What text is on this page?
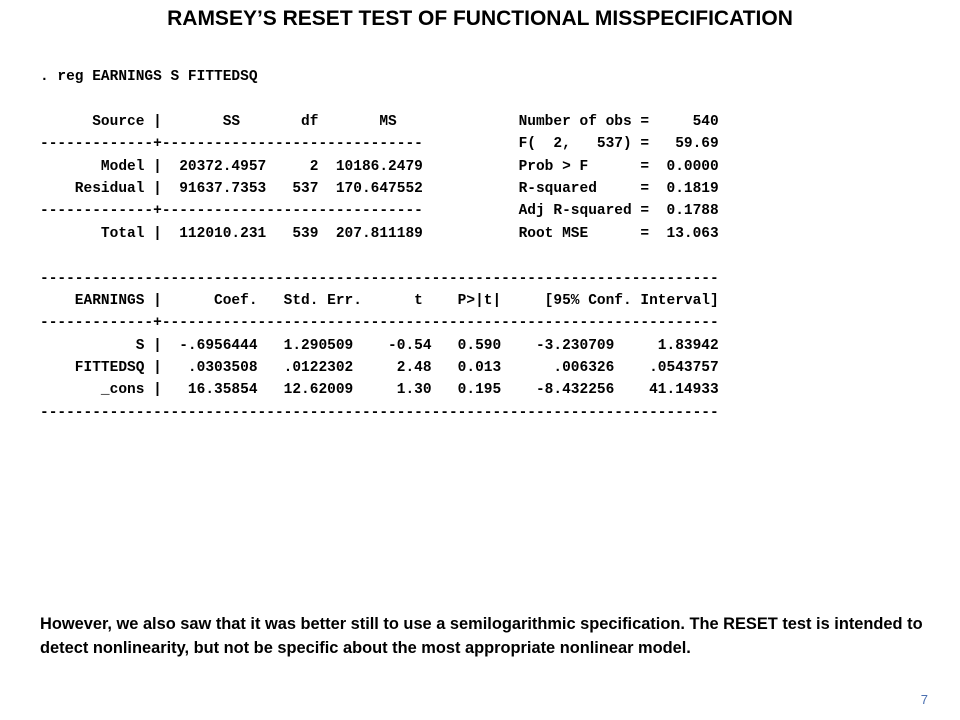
RAMSEY’S RESET TEST OF FUNCTIONAL MISSPECIFICATION
. reg EARNINGS S FITTEDSQ
Source |       SS       df       MS              Number of obs =     540
-------------+------------------------------           F(  2,   537) =   59.69
Model |  20372.4957     2  10186.2479           Prob > F      =  0.0000
Residual |  91637.7353   537  170.647552           R-squared     =  0.1819
-------------+------------------------------           Adj R-squared =  0.1788
Total |  112010.231   539  207.811189           Root MSE      =  13.063
------------------------------------------------------------------------------
EARNINGS |      Coef.   Std. Err.      t    P>|t|     [95% Conf. Interval]
-------------+----------------------------------------------------------------
S |  -.6956444   1.290509    -0.54   0.590    -3.230709     1.83942
FITTEDSQ |   .0303508   .0122302     2.48   0.013      .006326    .0543757
_cons |   16.35854   12.62009     1.30   0.195    -8.432256    41.14933
------------------------------------------------------------------------------

However, we also saw that it was better still to use a semilogarithmic specification. The RESET test is intended to detect nonlinearity, but not be specific about the most appropriate nonlinear model.

7
